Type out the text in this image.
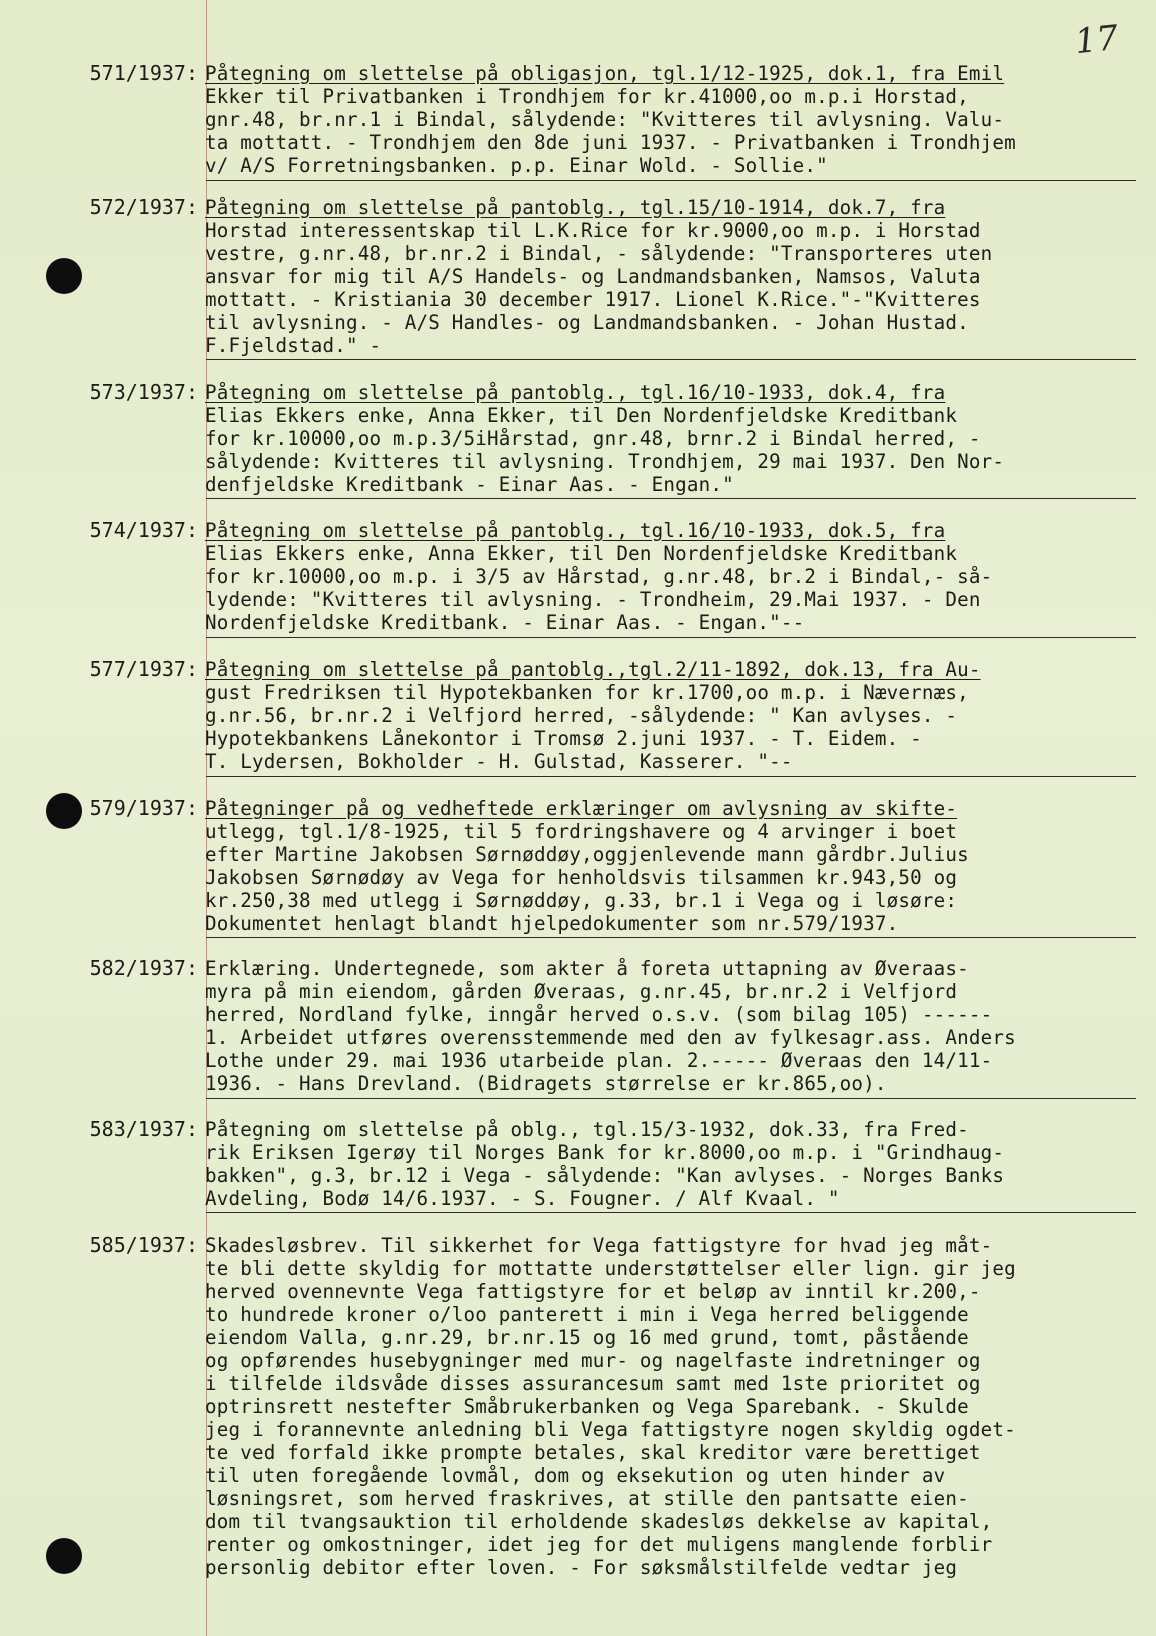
17
571/1937: Påtegning om slettelse på obligasjon, tgl.1/12-1925, dok.1, fra Emil
Ekker til Privatbanken i Trondhjem for kr.41000,oo m.p.i Horstad,
gnr.48, br.nr.1 i Bindal, sålydende: "Kvitteres til avlysning. Valu-
ta mottatt. - Trondhjem den 8de juni 1937. - Privatbanken i Trondhjem
v/ A/S Forretningsbanken. p.p. Einar Wold. - Sollie."
572/1937: Påtegning om slettelse på pantoblg., tgl.15/10-1914, dok.7, fra
Horstad interessentskap til L.K.Rice for kr.9000,oo m.p. i Horstad
vestre, g.nr.48, br.nr.2 i Bindal, - sålydende: "Transporteres uten
ansvar for mig til A/S Handels- og Landmandsbanken, Namsos, Valuta
mottatt. - Kristiania 30 december 1917. Lionel K.Rice."-"Kvitteres
til avlysning. - A/S Handles- og Landmandsbanken. - Johan Hustad.
F.Fjeldstad." -
573/1937: Påtegning om slettelse på pantoblg., tgl.16/10-1933, dok.4, fra
Elias Ekkers enke, Anna Ekker, til Den Nordenfjeldske Kreditbank
for kr.10000,oo m.p.3/5iHårstad, gnr.48, brnr.2 i Bindal herred, -
sålydende: Kvitteres til avlysning. Trondhjem, 29 mai 1937. Den Nor-
denfjeldske Kreditbank - Einar Aas. - Engan."
574/1937: Påtegning om slettelse på pantoblg., tgl.16/10-1933, dok.5, fra
Elias Ekkers enke, Anna Ekker, til Den Nordenfjeldske Kreditbank
for kr.10000,oo m.p. i 3/5 av Hårstad, g.nr.48, br.2 i Bindal,- så-
lydende: "Kvitteres til avlysning. - Trondheim, 29.Mai 1937. - Den
Nordenfjeldske Kreditbank. - Einar Aas. - Engan."--
577/1937: Påtegning om slettelse på pantoblg.,tgl.2/11-1892, dok.13, fra Au-
gust Fredriksen til Hypotekbanken for kr.1700,oo m.p. i Nævernæs,
g.nr.56, br.nr.2 i Velfjord herred, -sålydende: " Kan avlyses. -
Hypotekbankens Lånekontor i Tromsø 2.juni 1937. - T. Eidem. -
T. Lydersen, Bokholder - H. Gulstad, Kasserer. "--
579/1937: Påtegninger på og vedheftede erklæringer om avlysning av skifte-
utlegg, tgl.1/8-1925, til 5 fordringshavere og 4 arvinger i boet
efter Martine Jakobsen Sørnøddøy,oggjenlevende mann gårdbr.Julius
Jakobsen Sørnødøy av Vega for henholdsvis tilsammen kr.943,50 og
kr.250,38 med utlegg i Sørnøddøy, g.33, br.1 i Vega og i løsøre:
Dokumentet henlagt blandt hjelpedokumenter som nr.579/1937.
582/1937: Erklæring. Undertegnede, som akter å foreta uttapning av Øveraas-
myra på min eiendom, gården Øveraas, g.nr.45, br.nr.2 i Velfjord
herred, Nordland fylke, inngår herved o.s.v. (som bilag 105) ------
1. Arbeidet utføres overensstemmende med den av fylkesagr.ass. Anders
Lothe under 29. mai 1936 utarbeide plan. 2.----- Øveraas den 14/11-
1936. - Hans Drevland. (Bidragets størrelse er kr.865,oo).
583/1937: Påtegning om slettelse på oblg., tgl.15/3-1932, dok.33, fra Fred-
rik Eriksen Igerøy til Norges Bank for kr.8000,oo m.p. i "Grindhaug-
bakken", g.3, br.12 i Vega - sålydende: "Kan avlyses. - Norges Banks
Avdeling, Bodø 14/6.1937. - S. Fougner. / Alf Kvaal. "
585/1937: Skadesløsbrev. Til sikkerhet for Vega fattigstyre for hvad jeg måt-
te bli dette skyldig for mottatte understøttelser eller lign. gir jeg
herved ovennevnte Vega fattigstyre for et beløp av inntil kr.200,-
to hundrede kroner o/loo panterett i min i Vega herred beliggende
eiendom Valla, g.nr.29, br.nr.15 og 16 med grund, tomt, påstående
og opførendes husebygninger med mur- og nagelfaste indretninger og
i tilfelde ildsvåde disses assurancesum samt med 1ste prioritet og
optrinsrett nestefter Småbrukerbanken og Vega Sparebank. - Skulde
jeg i forannevnte anledning bli Vega fattigstyre nogen skyldig ogdet-
te ved forfald ikke prompte betales, skal kreditor være berettiget
til uten foregående lovmål, dom og eksekution og uten hinder av
løsningsret, som herved fraskrives, at stille den pantsatte eien-
dom til tvangsauktion til erholdende skadesløs dekkelse av kapital,
renter og omkostninger, idet jeg for det muligens manglende forblir
personlig debitor efter loven. - For søksmålstilfelde vedtar jeg
